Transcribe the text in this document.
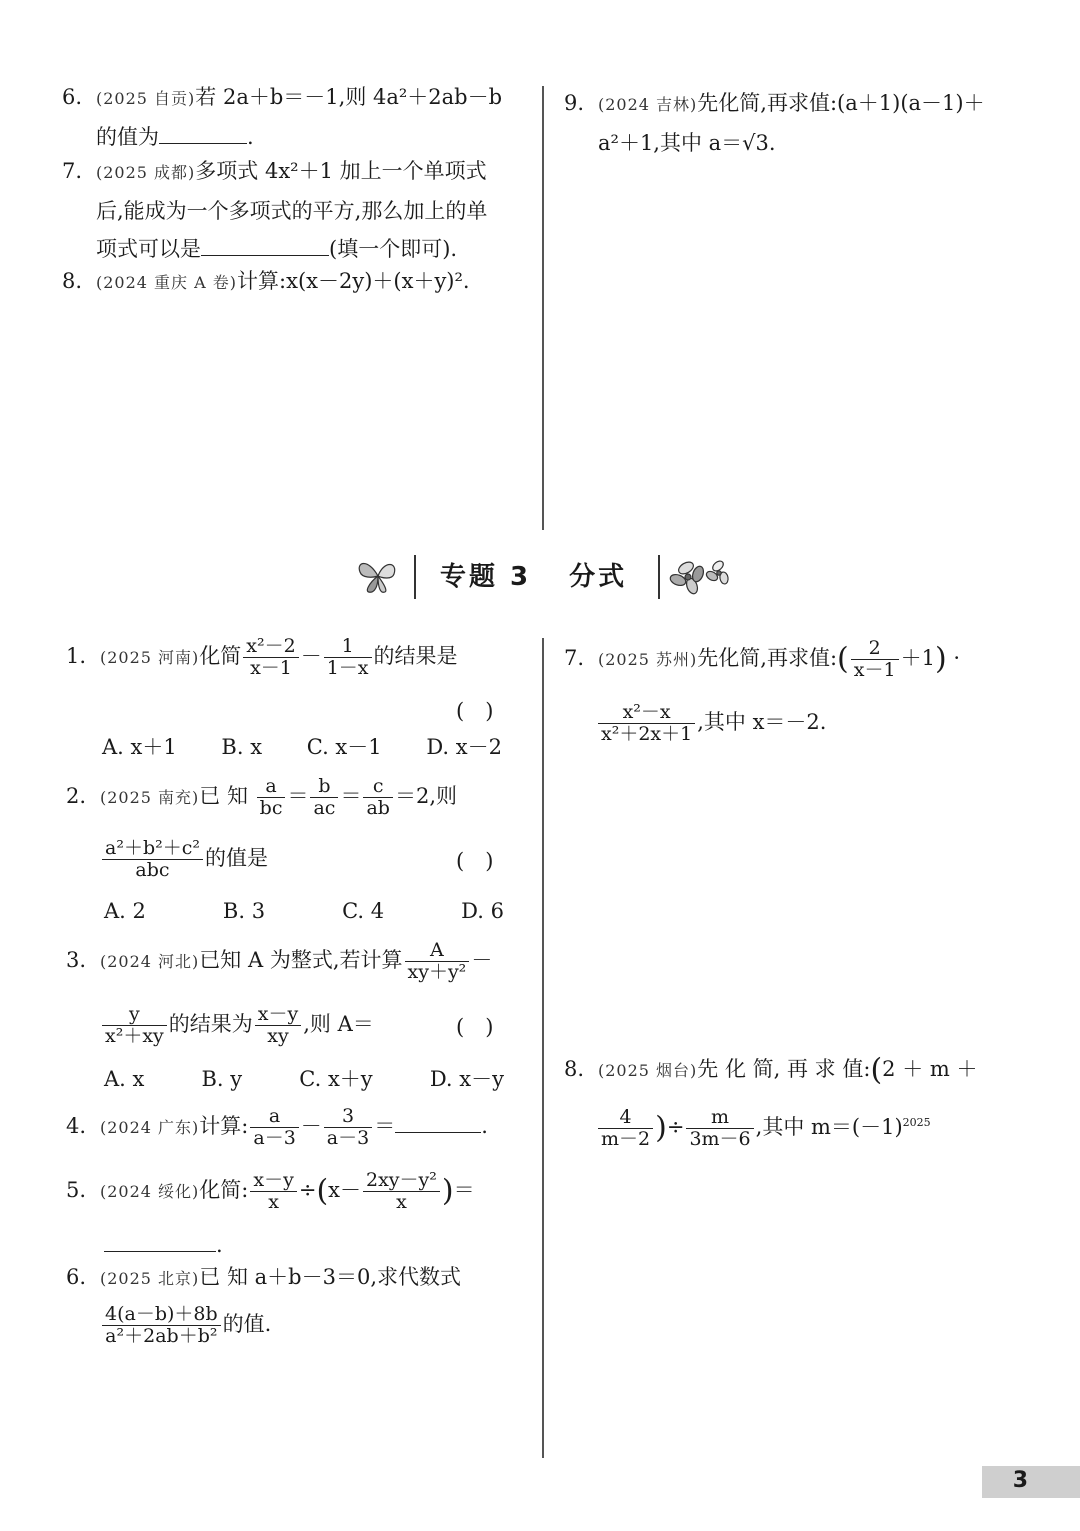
6. (2025 自贡)若 2a＋b＝－1,则 4a²＋2ab－b
的值为	.
7. (2025 成都)多项式 4x²＋1 加上一个单项式
后,能成为一个多项式的平方,那么加上的单
项式可以是	(填一个即可).
8. (2024 重庆 A 卷)计算:x(x－2y)＋(x＋y)².
9. (2024 吉林)先化简,再求值:(a＋1)(a－1)＋
a²＋1,其中 a＝√3.
专题 3 分式
1. (2025 河南)化简 $\frac{\text{x²－2}}{x-1} - \frac{1}{1-x}$ 的结果是
(　)
A. x＋1 B. x C. x－1 D. x－2
2. (2025 南充)已 知 $\frac{a}{bc} = \frac{b}{ac} = \frac{c}{ab} =2$,则
$\frac{\text{a²＋b²＋c²}}{\text{abc}}$ 的值是	(　)
A. 2	B. 3	C. 4	D. 6
3. (2024 河北)已知 A 为整式,若计算 $\frac{A}{\text{xy＋y²}}$ －
$\frac{y}{\text{x²＋xy}}$ 的结果为 $\frac{x-y}{xy}$ ,则 A＝	(　)
A. x	B. y	C. x＋y	D. x－y
4. (2024 广东)计算: $\frac{a}{a-3} - \frac{3}{a-3}$ ＝	.
5. (2024 绥化)化简: $\frac{x-y}{x} \div(x- \frac{\text{2xy－y²}}{x}$ )＝
.
6. (2025 北京)已 知 a＋b－3＝0,求代数式
$\frac{4(a-b)+8b}{\text{a²＋2ab＋b²}}$ 的值.
7. (2025 苏州)先化简,再求值:( $\frac{2}{x-1} +1$) ·
$\frac{\text{x²－x}}{\text{x²＋2x＋1}}$ ,其中 x＝－2.
8. (2025 烟台)先 化 简, 再 求 值:(2 ＋ m ＋
$\frac{4}{m-2}$ )÷ $\frac{m}{3m-6}$ ,其中 $m=(-1)^{2025}$
3
